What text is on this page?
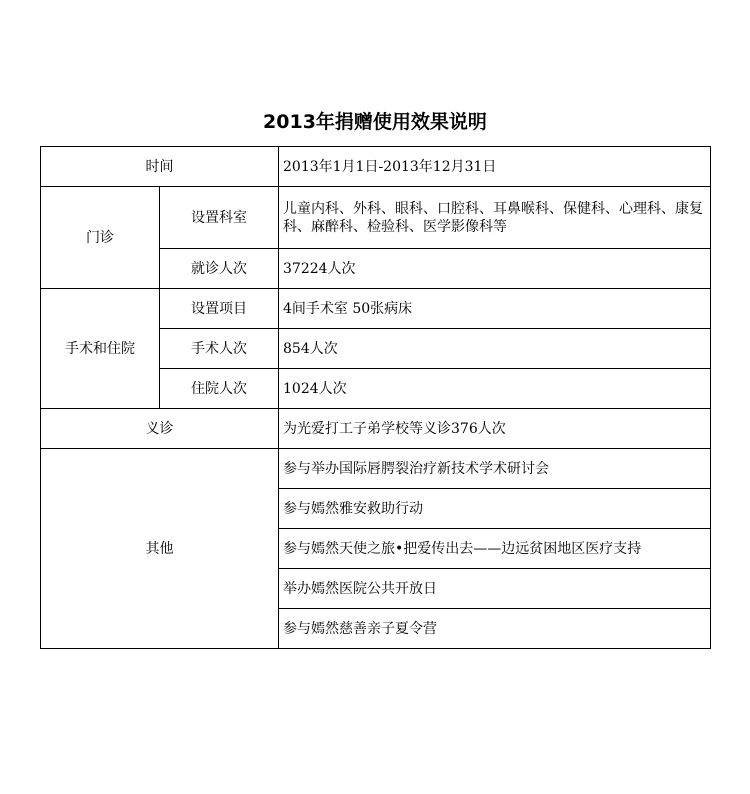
2013年捐赠使用效果说明
时间		2013年1月1日-2013年12月31日
门诊	设置科室	儿童内科、外科、眼科、口腔科、耳鼻喉科、保健科、心理科、康复科、麻醉科、检验科、医学影像科等
	就诊人次	37224人次
手术和住院	设置项目	4间手术室 50张病床
	手术人次	854人次
	住院人次	1024人次
义诊		为光爱打工子弟学校等义诊376人次
其他		参与举办国际唇腭裂治疗新技术学术研讨会
		参与嫣然雅安救助行动
		参与嫣然天使之旅•把爱传出去——边远贫困地区医疗支持
		举办嫣然医院公共开放日
		参与嫣然慈善亲子夏令营
